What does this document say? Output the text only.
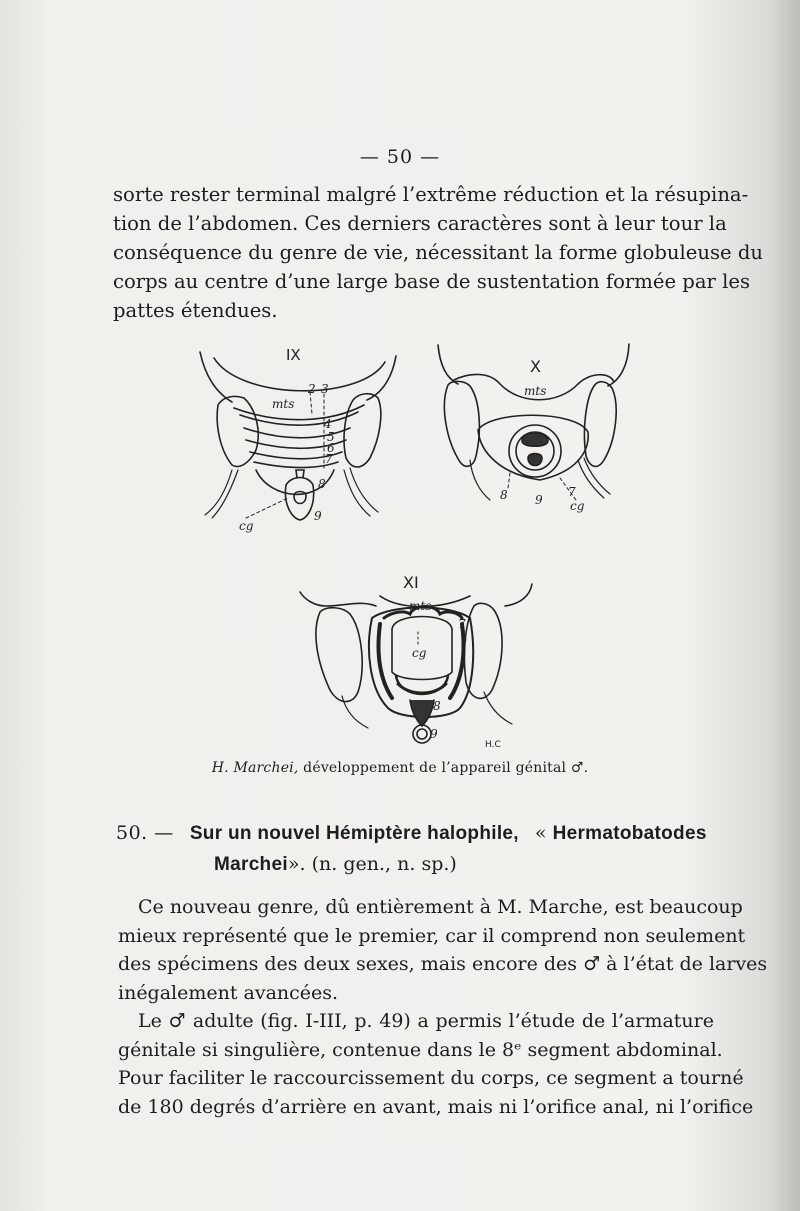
— 50 —
sorte rester terminal malgré l’extrême réduction et la résupina-
tion de l’abdomen. Ces derniers caractères sont à leur tour la
conséquence du genre de vie, nécessitant la forme globuleuse du
corps au centre d’une large base de sustentation formée par les
pattes étendues.
IX
mts
2 3
4
5
6
7
8
cg
9
X
mts
8 9
7
cg
XI
mts
7
cg
8
9
H.C
H. Marchei, développement de l’appareil génital ♂.
50. — Sur un nouvel Hémiptère halophile, « Hermatobatodes
Marchei». (n. gen., n. sp.)
Ce nouveau genre, dû entièrement à M. Marche, est beaucoup
mieux représenté que le premier, car il comprend non seulement
des spécimens des deux sexes, mais encore des ♂ à l’état de larves
inégalement avancées.
Le ♂ adulte (fig. I-III, p. 49) a permis l’étude de l’armature
génitale si singulière, contenue dans le 8ᵉ segment abdominal.
Pour faciliter le raccourcissement du corps, ce segment a tourné
de 180 degrés d’arrière en avant, mais ni l’orifice anal, ni l’orifice
